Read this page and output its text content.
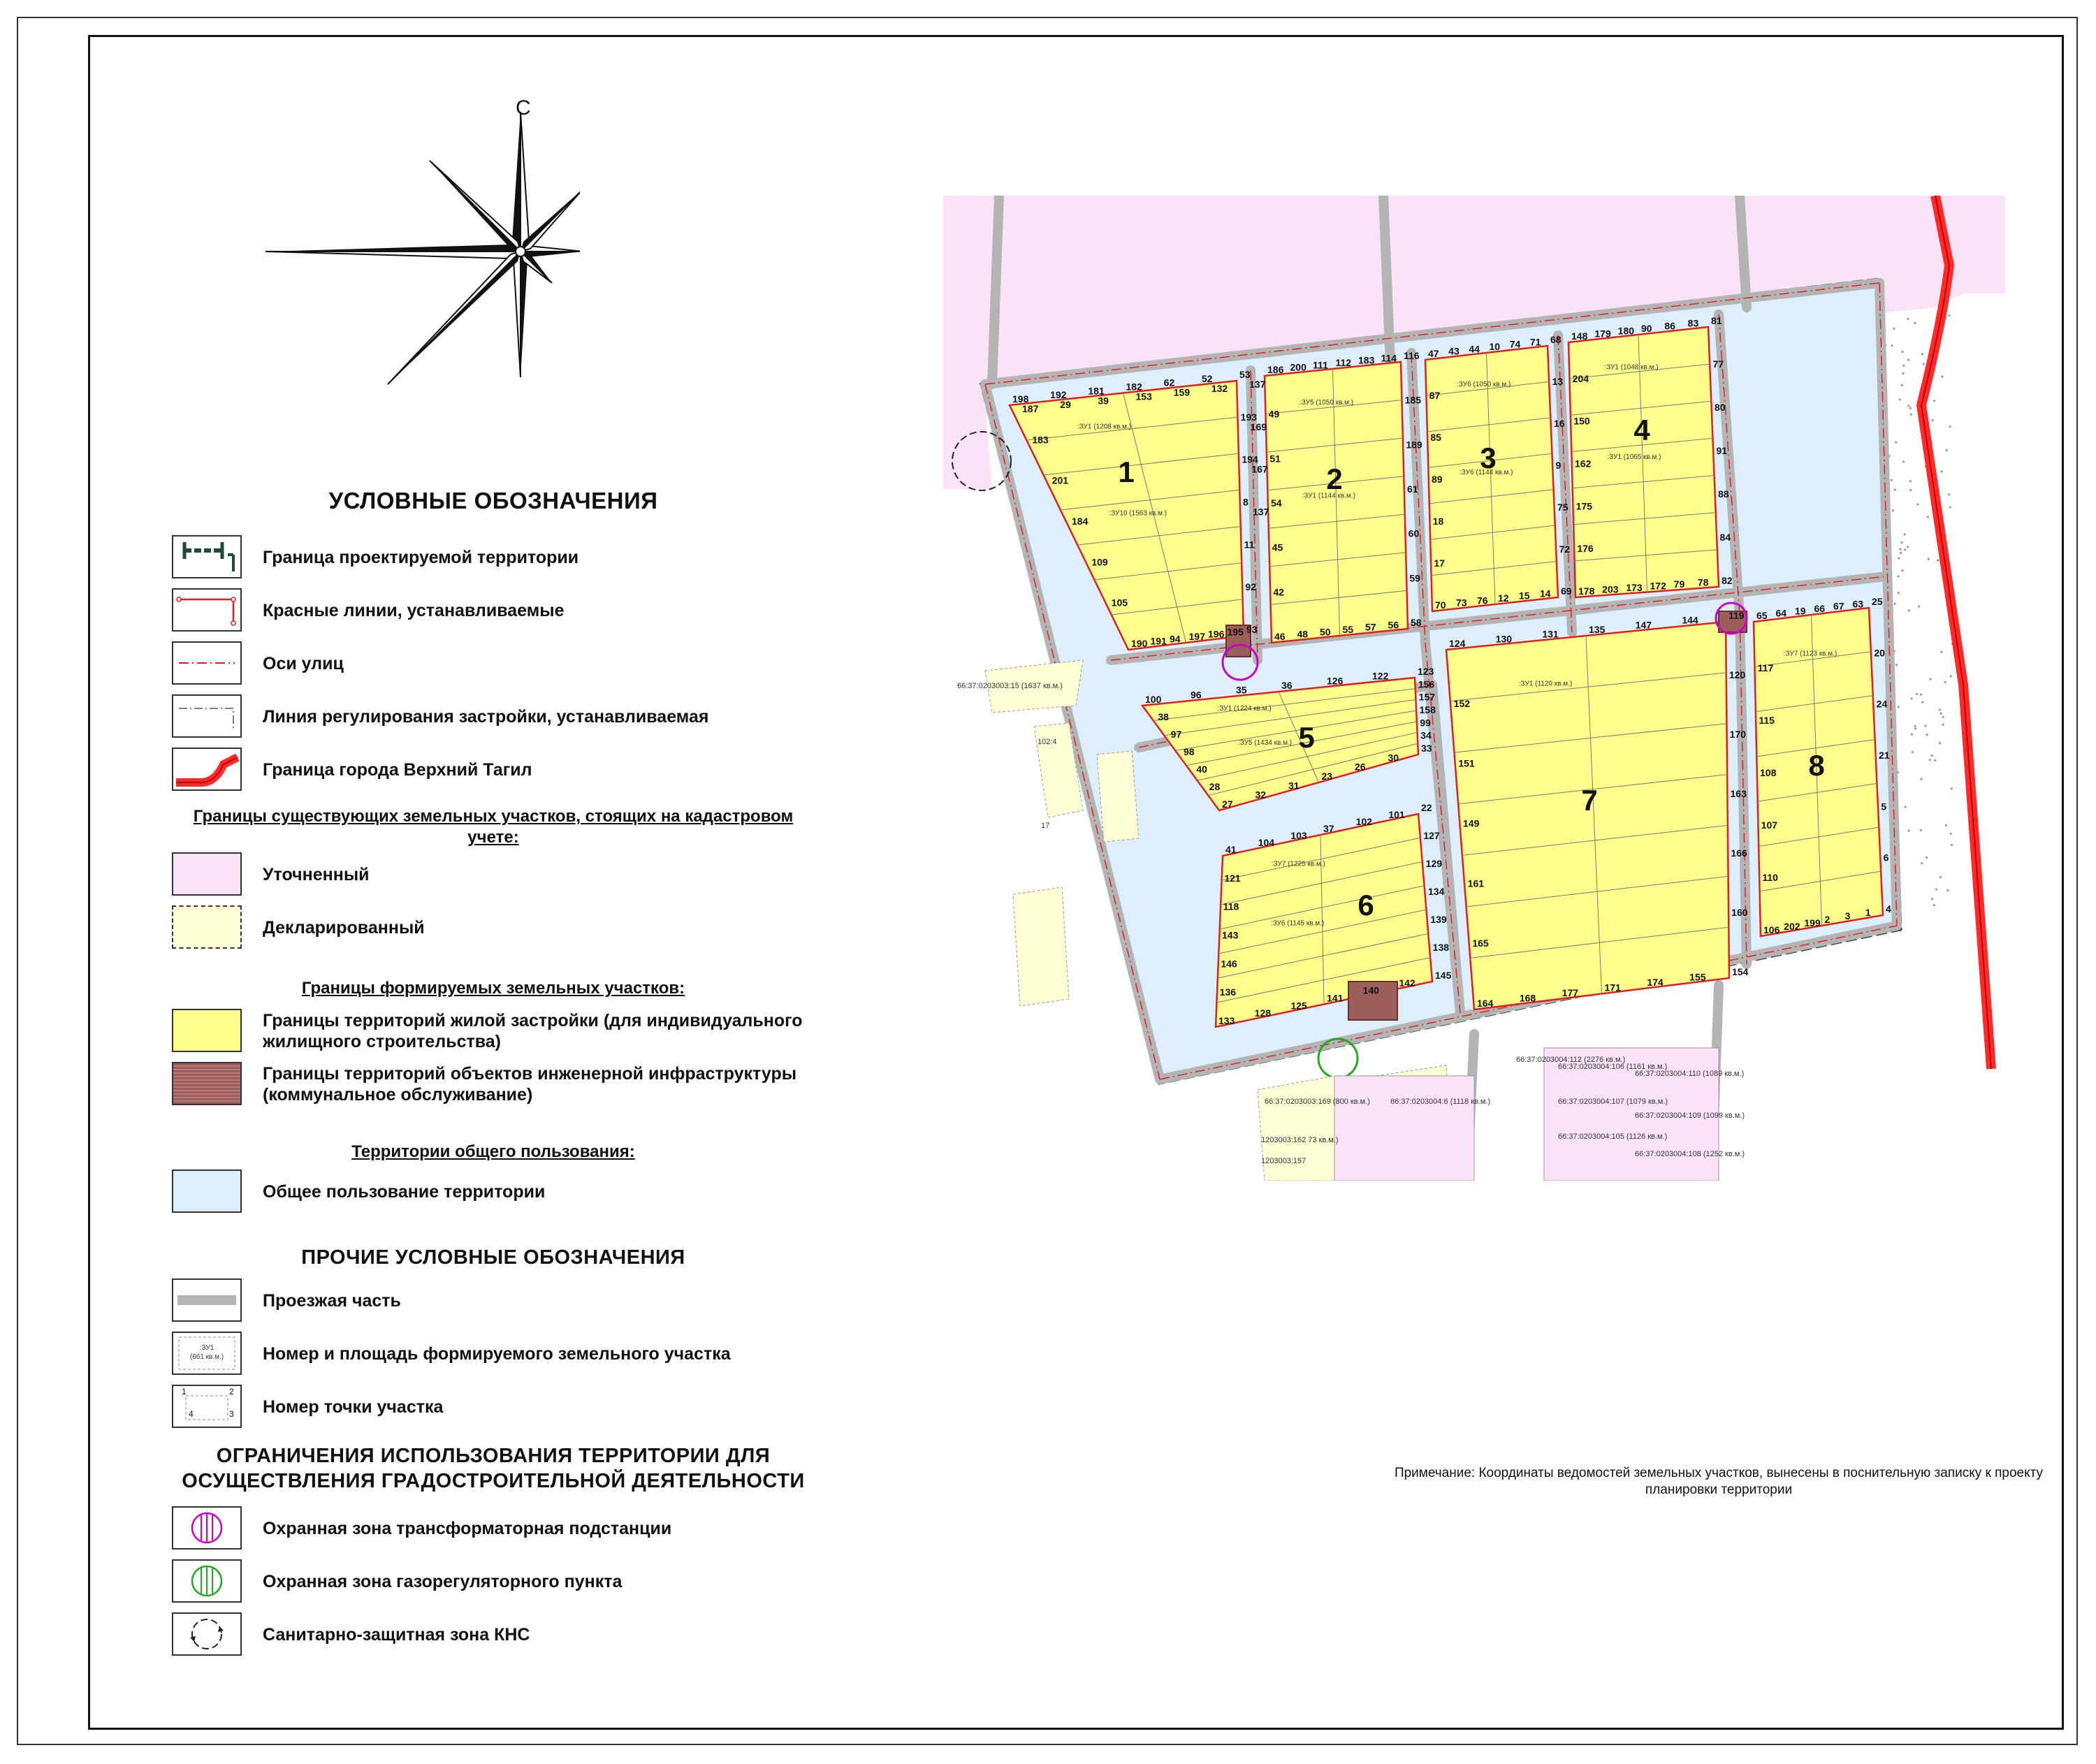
С
УСЛОВНЫЕ ОБОЗНАЧЕНИЯ
Граница проектируемой территории
Красные линии, устанавливаемые
Оси улиц
Линия регулирования застройки, устанавливаемая
Граница города Верхний Тагил
Границы существующих земельных участков, стоящих на кадастровом учете:
Уточненный
Декларированный
Границы формируемых земельных участков:
Границы территорий жилой застройки (для индивидуального жилищного строительства)
Границы территорий объектов инженерной инфраструктуры (коммунальное обслуживание)
Территории общего пользования:
Общее пользование территории
ПРОЧИЕ УСЛОВНЫЕ ОБОЗНАЧЕНИЯ
Проезжая часть
:ЗУ1
(661 кв.м.) Номер и площадь формируемого земельного участка
1	2
4	3 Номер точки участка
ОГРАНИЧЕНИЯ ИСПОЛЬЗОВАНИЯ ТЕРРИТОРИИ ДЛЯ ОСУЩЕСТВЛЕНИЯ ГРАДОСТРОИТЕЛЬНОЙ ДЕЯТЕЛЬНОСТИ
Охранная зона трансформаторная подстанции
Охранная зона газорегуляторного пункта
Санитарно-защитная зона КНС
1	2
3
4
5
6
7
8
198 192 181 182 62	52	53
193
194
8
11
92
93
195
196
197
94
191
190
105
109
184
201
183
186 200 111 112 183 114 116
185
189
61
60
59
58
56
57
55
50
48
46
42
45
54
51
49
47 43 44 10 74 71 68
13
16
9
75
72
69
14
15
12
76
73
70
17
18
89
85
87
148 179 180 90 86 83 81
77
80
91
88
84
82
78
79
172
173
203
178
176
175
162
150
204
100	96	35	36	126	122	123
156
157
158
99
34
33
30
26
23
31
32
27
28
40
98
97
38
41
104
103
37
102
101
22
127
129
134
139
138
145
142
140
141
125
128
133
136
146
143
118
121
124	130	131	135	147	144	119
120
170
163
166
160
154
155
174
171
177
168
164
165
161
149
151
152
65 64 19 66 67 63 25
20
24
21
5
6
4
1
3
2
199
202
106
110
107
108
115
117
187 29	39	153 159 132 137
169
167
137
66:37:0203003:15 (1637 кв.м.)
66:37:0203003:169 (800 кв.м.)
66:37:0203004:106 (1161 кв.м.)
66:37:0203004:107 (1079 кв.м.)
66:37:0203004:110 (1089 кв.м.)
66:37:0203004:105 (1126 кв.м.)
66:37:0203004:109 (1099 кв.м.)
66:37:0203004:108 (1252 кв.м.)
66:37:0203004:6 (1118 кв.м.)
66:37:0203004:112 (2276 кв.м.)
1203003:162 73 кв.м.)
1203003:157
102:4
17
:ЗУ1 (1208 кв.м.)
:ЗУ5 (1050 кв.м.)
:ЗУ6 (1050 кв.м.)
:ЗУ1 (1048 кв.м.)
:ЗУ1 (1224 кв.м.)
:ЗУ7 (1225 кв.м.)
:ЗУ1 (1120 кв.м.)
:ЗУ7 (1123 кв.м.)
:ЗУ10 (1563 кв.м.)
:ЗУ1 (1144 кв.м.)
:ЗУ6 (1144 кв.м.)
:ЗУ1 (1065 кв.м.)
:ЗУ5 (1434 кв.м.)
:ЗУ6 (1145 кв.м.)
Примечание: Координаты ведомостей земельных участков, вынесены в поснительную записку к проекту планировки территории
